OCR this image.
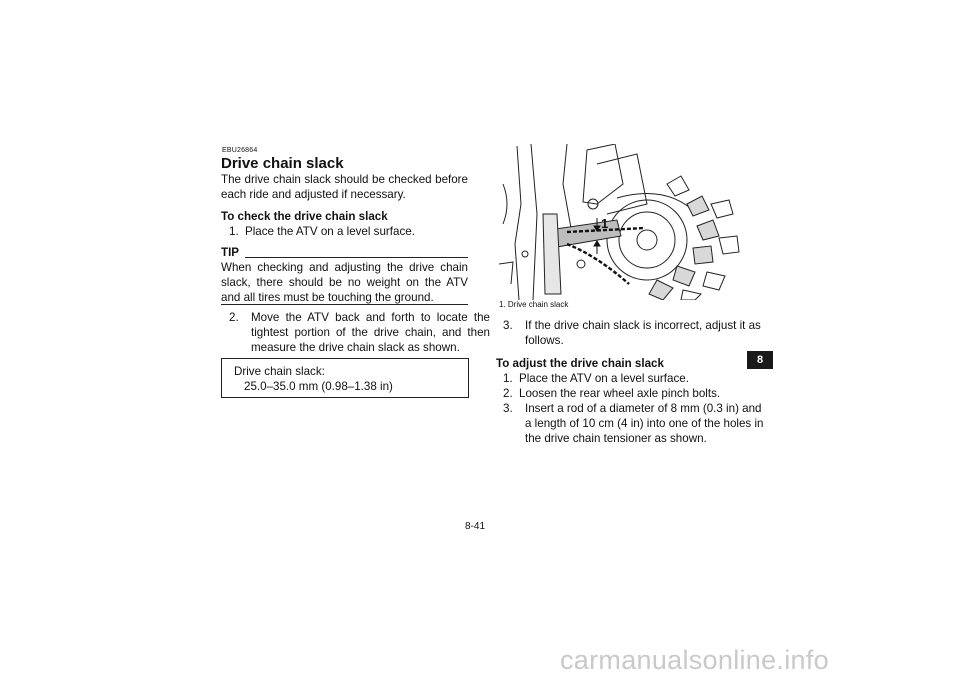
EBU26864
Drive chain slack
The drive chain slack should be checked before each ride and adjusted if necessary.
To check the drive chain slack
1. Place the ATV on a level surface.
TIP
When checking and adjusting the drive chain slack, there should be no weight on the ATV and all tires must be touching the ground.
2. Move the ATV back and forth to locate the tightest portion of the drive chain, and then measure the drive chain slack as shown.
Drive chain slack:
25.0–35.0 mm (0.98–1.38 in)
1
1. Drive chain slack
3. If the drive chain slack is incorrect, adjust it as follows.
To adjust the drive chain slack
1. Place the ATV on a level surface.
2. Loosen the rear wheel axle pinch bolts.
3. Insert a rod of a diameter of 8 mm (0.3 in) and a length of 10 cm (4 in) into one of the holes in the drive chain tensioner as shown.
8
8-41
carmanualsonline.info
